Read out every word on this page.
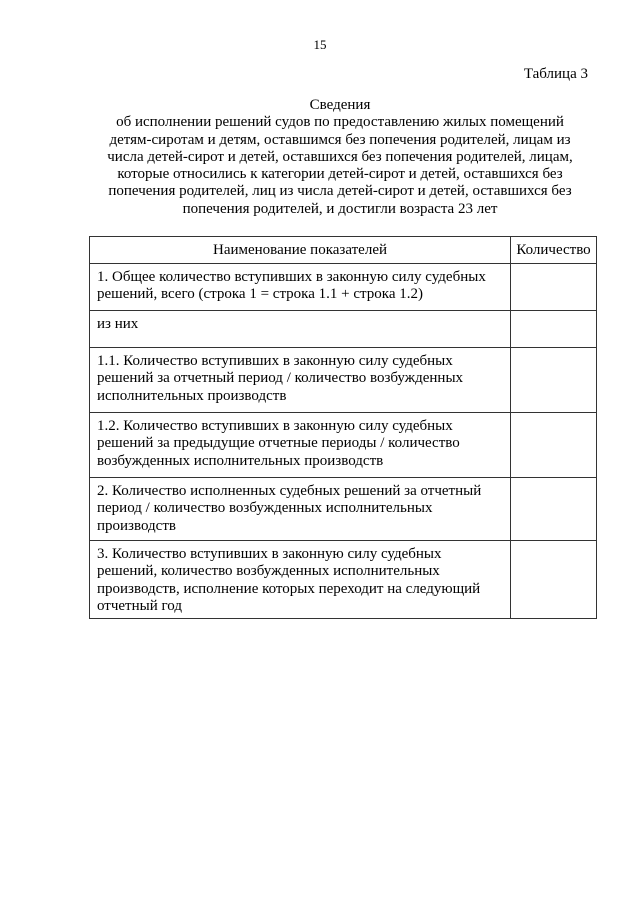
15
Таблица 3
Сведения
об исполнении решений судов по предоставлению жилых помещений
детям-сиротам и детям, оставшимся без попечения родителей, лицам из
числа детей-сирот и детей, оставшихся без попечения родителей, лицам,
которые относились к категории детей-сирот и детей, оставшихся без
попечения родителей, лиц из числа детей-сирот и детей, оставшихся без
попечения родителей, и достигли возраста 23 лет
Наименование показателей	Количество
1. Общее количество вступивших в законную силу судебных решений, всего (строка 1 = строка 1.1 + строка 1.2)	
из них	
1.1. Количество вступивших в законную силу судебных решений за отчетный период / количество возбужденных исполнительных производств	
1.2. Количество вступивших в законную силу судебных решений за предыдущие отчетные периоды / количество возбужденных исполнительных производств	
2. Количество исполненных судебных решений за отчетный период / количество возбужденных исполнительных производств	
3. Количество вступивших в законную силу судебных решений, количество возбужденных исполнительных производств, исполнение которых переходит на следующий отчетный год	
